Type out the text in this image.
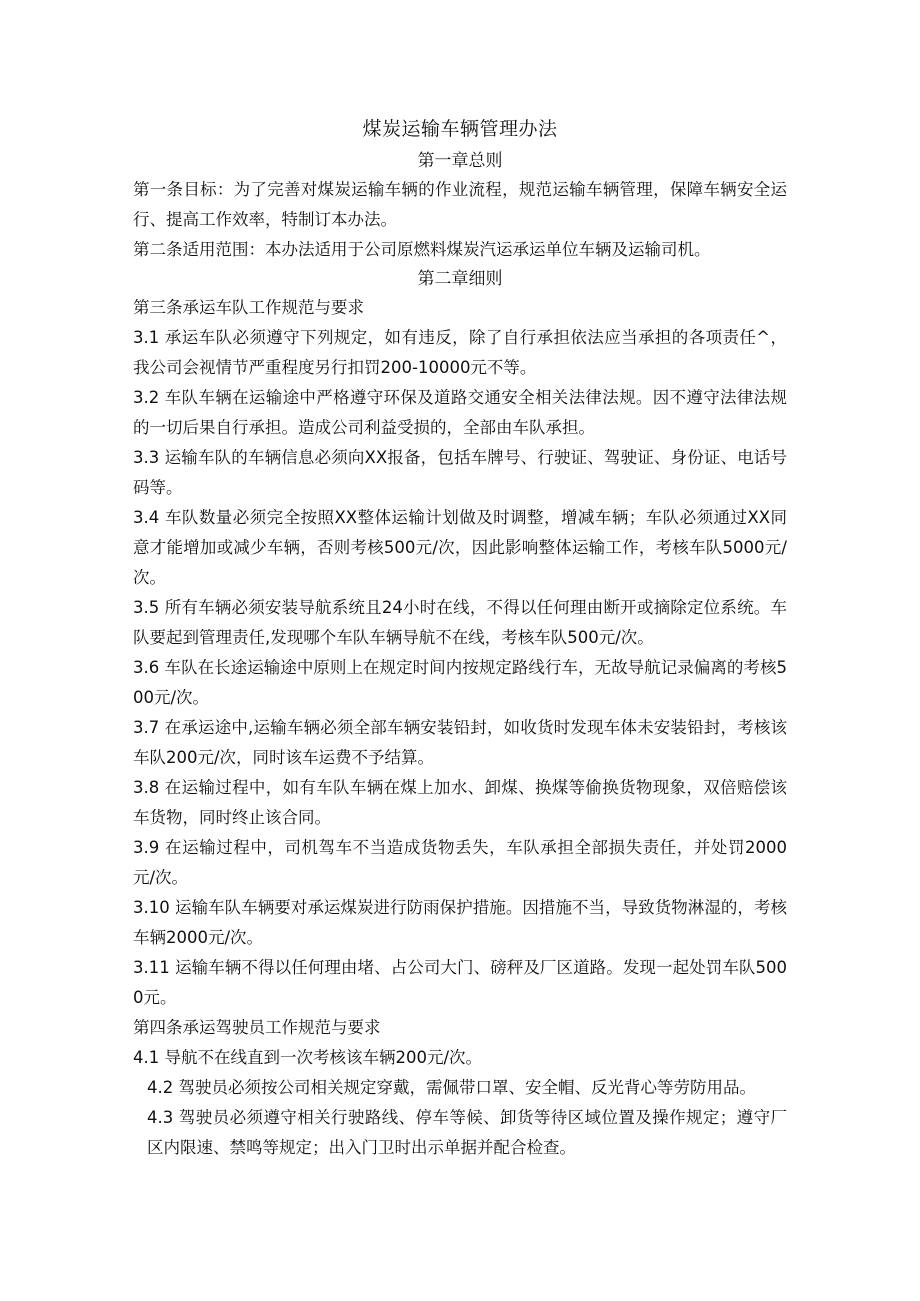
煤炭运输车辆管理办法
第一章总则

第一条目标：为了完善对煤炭运输车辆的作业流程，规范运输车辆管理，保障车辆安全运行、提高工作效率，特制订本办法。

第二条适用范围：本办法适用于公司原燃料煤炭汽运承运单位车辆及运输司机。

第二章细则

第三条承运车队工作规范与要求

3.1 承运车队必须遵守下列规定，如有违反，除了自行承担依法应当承担的各项责任^，我公司会视情节严重程度另行扣罚200-10000元不等。

3.2 车队车辆在运输途中严格遵守环保及道路交通安全相关法律法规。因不遵守法律法规的一切后果自行承担。造成公司利益受损的，全部由车队承担。

3.3 运输车队的车辆信息必须向XX报备，包括车牌号、行驶证、驾驶证、身份证、电话号码等。

3.4 车队数量必须完全按照XX整体运输计划做及时调整，增减车辆；车队必须通过XX同意才能增加或减少车辆，否则考核500元/次，因此影响整体运输工作，考核车队5000元/次。

3.5 所有车辆必须安装导航系统且24小时在线，不得以任何理由断开或摘除定位系统。车队要起到管理责任,发现哪个车队车辆导航不在线，考核车队500元/次。

3.6 车队在长途运输途中原则上在规定时间内按规定路线行车，无故导航记录偏离的考核500元/次。

3.7 在承运途中,运输车辆必须全部车辆安装铅封，如收货时发现车体未安装铅封，考核该车队200元/次，同时该车运费不予结算。

3.8 在运输过程中，如有车队车辆在煤上加水、卸煤、换煤等偷换货物现象，双倍赔偿该车货物，同时终止该合同。

3.9 在运输过程中，司机驾车不当造成货物丢失，车队承担全部损失责任，并处罚2000元/次。

3.10 运输车队车辆要对承运煤炭进行防雨保护措施。因措施不当，导致货物淋湿的，考核车辆2000元/次。

3.11 运输车辆不得以任何理由堵、占公司大门、磅秤及厂区道路。发现一起处罚车队5000元。

第四条承运驾驶员工作规范与要求

4.1 导航不在线直到一次考核该车辆200元/次。

4.2 驾驶员必须按公司相关规定穿戴，需佩带口罩、安全帽、反光背心等劳防用品。

4.3 驾驶员必须遵守相关行驶路线、停车等候、卸货等待区域位置及操作规定；遵守厂区内限速、禁鸣等规定；出入门卫时出示单据并配合检查。
